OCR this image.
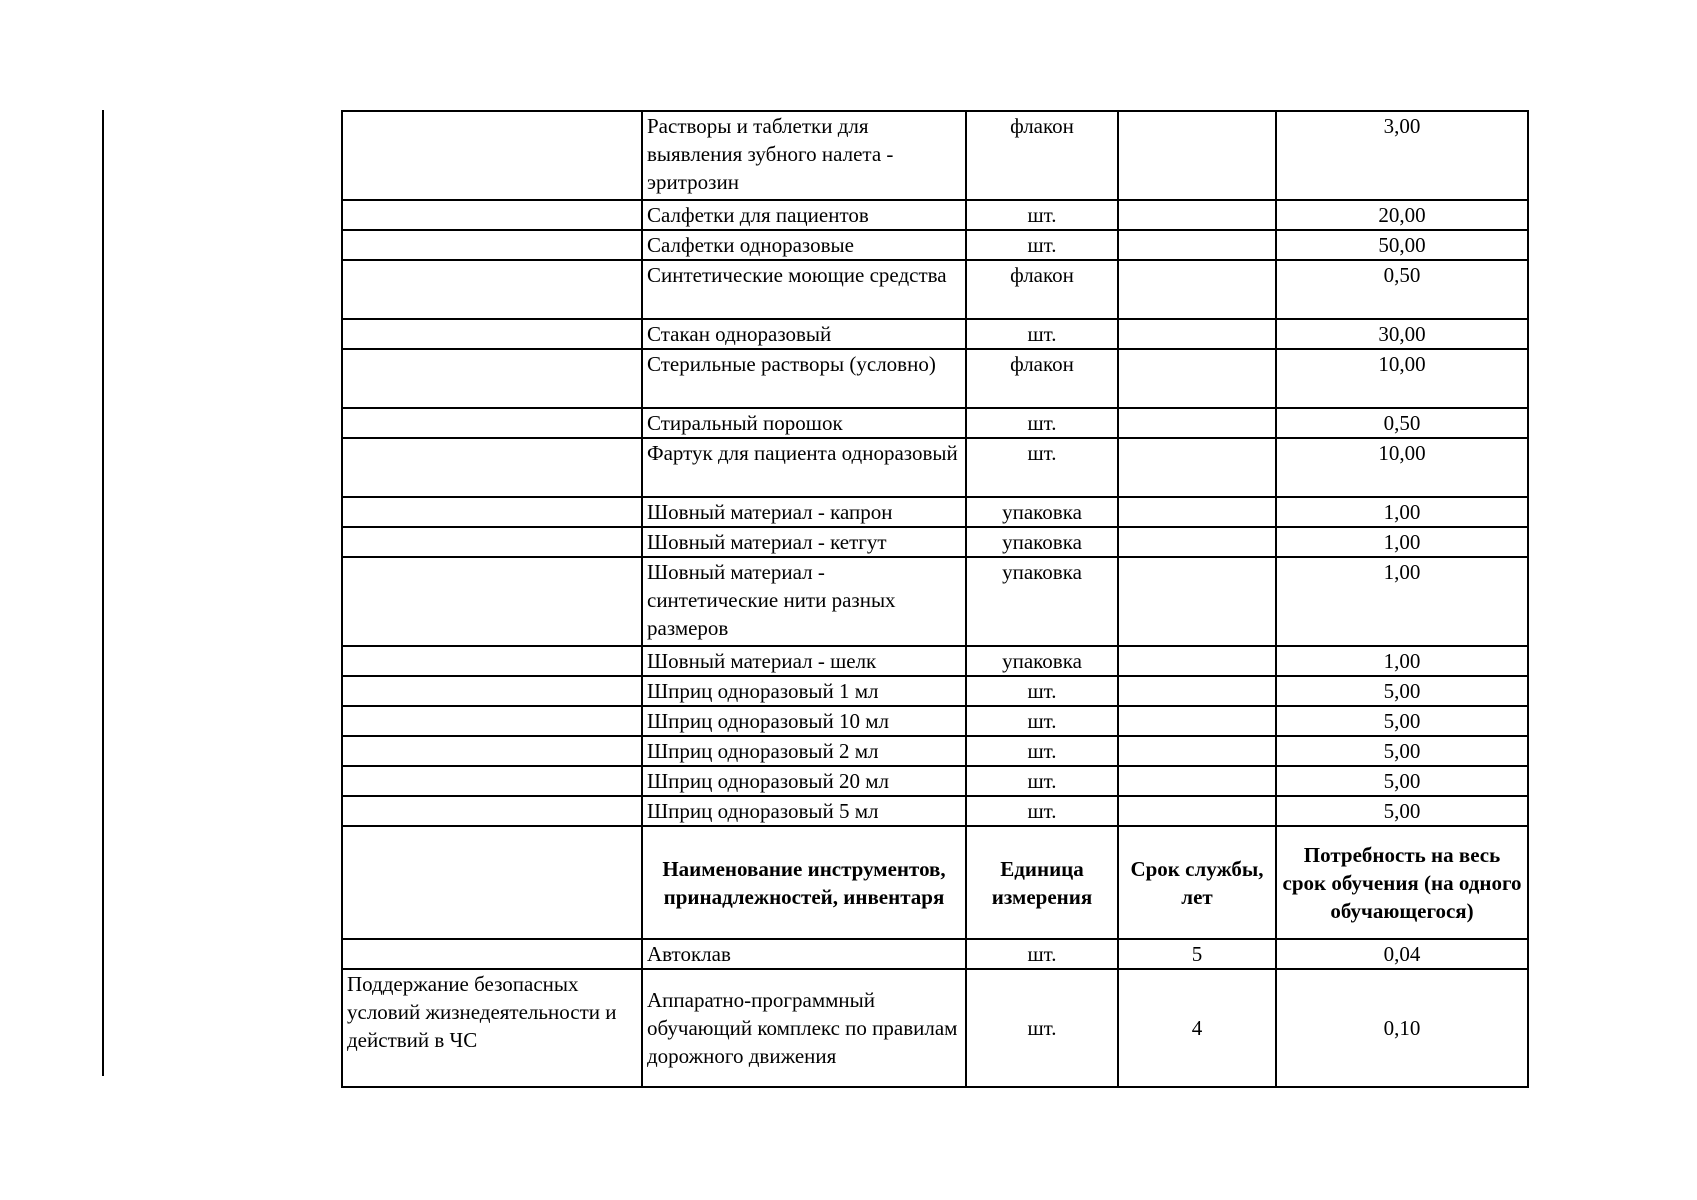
	Растворы и таблетки для выявления зубного налета - эритрозин	флакон		3,00
	Салфетки для пациентов	шт.		20,00
	Салфетки одноразовые	шт.		50,00
	Синтетические моющие средства	флакон		0,50
	Стакан одноразовый	шт.		30,00
	Стерильные растворы (условно)	флакон		10,00
	Стиральный порошок	шт.		0,50
	Фартук для пациента одноразовый	шт.		10,00
	Шовный материал - капрон	упаковка		1,00
	Шовный материал - кетгут	упаковка		1,00
	Шовный материал - синтетические нити разных размеров	упаковка		1,00
	Шовный материал - шелк	упаковка		1,00
	Шприц одноразовый 1 мл	шт.		5,00
	Шприц одноразовый 10 мл	шт.		5,00
	Шприц одноразовый 2 мл	шт.		5,00
	Шприц одноразовый 20 мл	шт.		5,00
	Шприц одноразовый 5 мл	шт.		5,00
	Наименование инструментов, принадлежностей, инвентаря	Единица измерения	Срок службы, лет	Потребность на весь срок обучения (на одного обучающегося)
	Автоклав	шт.	5	0,04
Поддержание безопасных условий жизнедеятельности и действий в ЧС	Аппаратно-программный обучающий комплекс по правилам дорожного движения	шт.	4	0,10
